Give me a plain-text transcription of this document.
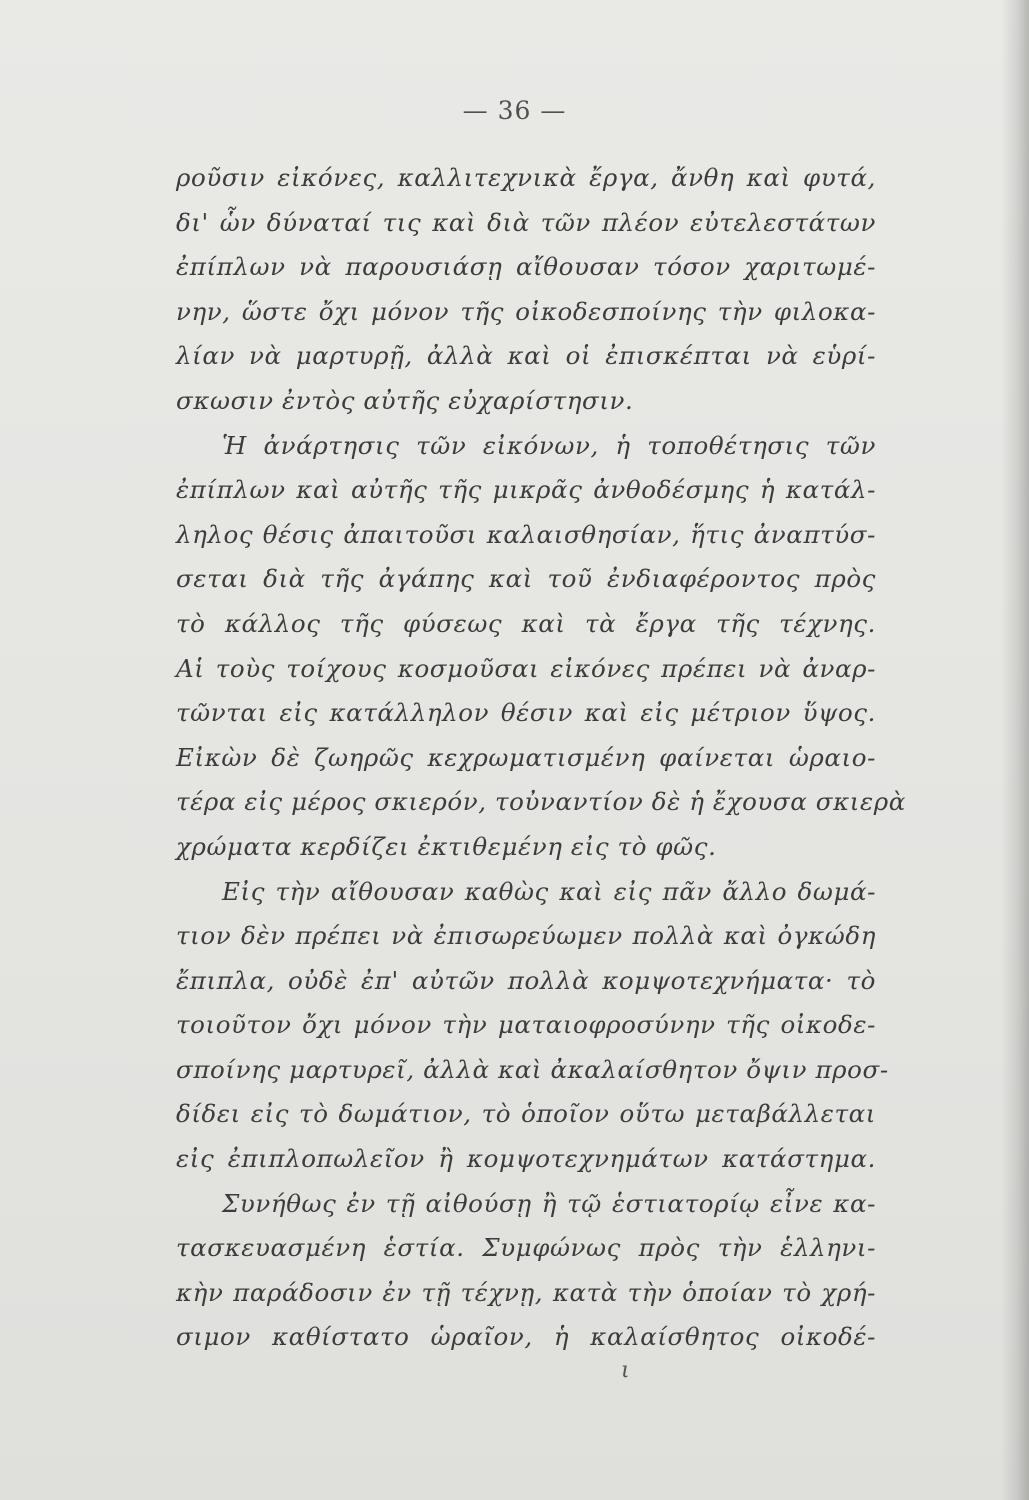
— 36 —
ροῦσιν εἰκόνες, καλλιτεχνικὰ ἔργα, ἄνθη καὶ φυτά,
δι' ὧν δύναταί τις καὶ διὰ τῶν πλέον εὐτελεστάτων
ἐπίπλων νὰ παρουσιάσῃ αἴθουσαν τόσον χαριτωμέ-
νην, ὥστε ὄχι μόνον τῆς οἰκοδεσποίνης τὴν φιλοκα-
λίαν νὰ μαρτυρῇ, ἀλλὰ καὶ οἱ ἐπισκέπται νὰ εὑρί-
σκωσιν ἐντὸς αὐτῆς εὐχαρίστησιν.
Ἡ ἀνάρτησις τῶν εἰκόνων, ἡ τοποθέτησις τῶν
ἐπίπλων καὶ αὐτῆς τῆς μικρᾶς ἀνθοδέσμης ἡ κατάλ-
ληλος θέσις ἀπαιτοῦσι καλαισθησίαν, ἥτις ἀναπτύσ-
σεται διὰ τῆς ἀγάπης καὶ τοῦ ἐνδιαφέροντος πρὸς
τὸ κάλλος τῆς φύσεως καὶ τὰ ἔργα τῆς τέχνης.
Αἱ τοὺς τοίχους κοσμοῦσαι εἰκόνες πρέπει νὰ ἀναρ-
τῶνται εἰς κατάλληλον θέσιν καὶ εἰς μέτριον ὕψος.
Εἰκὼν δὲ ζωηρῶς κεχρωματισμένη φαίνεται ὡραιο-
τέρα εἰς μέρος σκιερόν, τοὐναντίον δὲ ἡ ἔχουσα σκιερὰ
χρώματα κερδίζει ἐκτιθεμένη εἰς τὸ φῶς.
Εἰς τὴν αἴθουσαν καθὼς καὶ εἰς πᾶν ἄλλο δωμά-
τιον δὲν πρέπει νὰ ἐπισωρεύωμεν πολλὰ καὶ ὀγκώδη
ἔπιπλα, οὐδὲ ἐπ' αὐτῶν πολλὰ κομψοτεχνήματα· τὸ
τοιοῦτον ὄχι μόνον τὴν ματαιοφροσύνην τῆς οἰκοδε-
σποίνης μαρτυρεῖ, ἀλλὰ καὶ ἀκαλαίσθητον ὄψιν προσ-
δίδει εἰς τὸ δωμάτιον, τὸ ὁποῖον οὕτω μεταβάλλεται
εἰς ἐπιπλοπωλεῖον ἢ κομψοτεχνημάτων κατάστημα.
Συνήθως ἐν τῇ αἰθούσῃ ἢ τῷ ἑστιατορίῳ εἶνε κα-
τασκευασμένη ἑστία. Συμφώνως πρὸς τὴν ἑλληνι-
κὴν παράδοσιν ἐν τῇ τέχνῃ, κατὰ τὴν ὁποίαν τὸ χρή-
σιμον καθίστατο ὡραῖον, ἡ καλαίσθητος οἰκοδέ-
ι
